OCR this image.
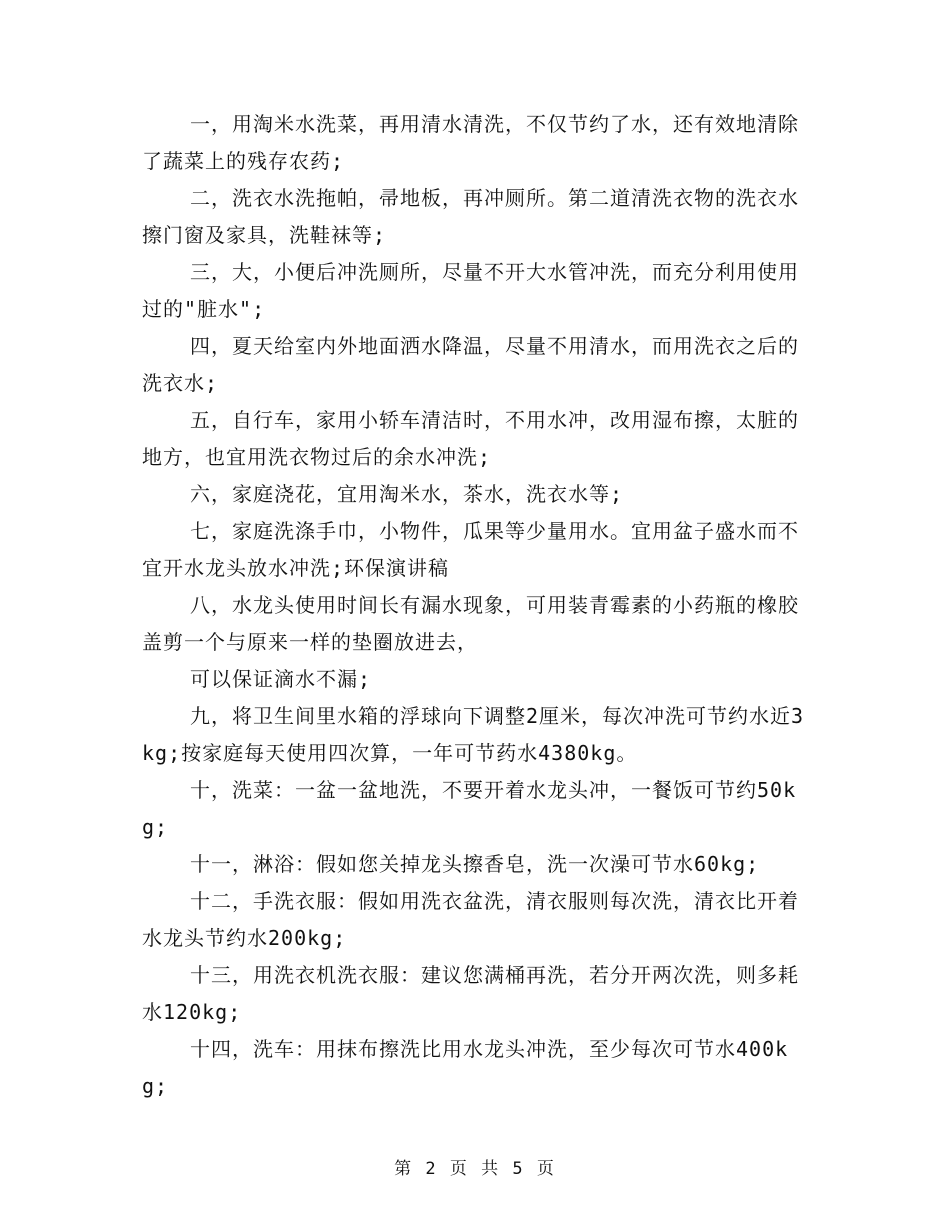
一，用淘米水洗菜，再用清水清洗，不仅节约了水，还有效地清除了蔬菜上的残存农药;

二，洗衣水洗拖帕，帚地板，再冲厕所。第二道清洗衣物的洗衣水擦门窗及家具，洗鞋袜等;

三，大，小便后冲洗厕所，尽量不开大水管冲洗，而充分利用使用过的"脏水";

四，夏天给室内外地面洒水降温，尽量不用清水，而用洗衣之后的洗衣水;

五，自行车，家用小轿车清洁时，不用水冲，改用湿布擦，太脏的地方，也宜用洗衣物过后的余水冲洗;

六，家庭浇花，宜用淘米水，茶水，洗衣水等;

七，家庭洗涤手巾，小物件，瓜果等少量用水。宜用盆子盛水而不宜开水龙头放水冲洗;环保演讲稿

八，水龙头使用时间长有漏水现象，可用装青霉素的小药瓶的橡胶盖剪一个与原来一样的垫圈放进去，

可以保证滴水不漏;

九，将卫生间里水箱的浮球向下调整2厘米，每次冲洗可节约水近3kg;按家庭每天使用四次算，一年可节药水4380kg。

十，洗菜：一盆一盆地洗，不要开着水龙头冲，一餐饭可节约50kg;

十一，淋浴：假如您关掉龙头擦香皂，洗一次澡可节水60kg;

十二，手洗衣服：假如用洗衣盆洗，清衣服则每次洗，清衣比开着水龙头节约水200kg;

十三，用洗衣机洗衣服：建议您满桶再洗，若分开两次洗，则多耗水120kg;

十四，洗车：用抹布擦洗比用水龙头冲洗，至少每次可节水400kg;

第 2 页 共 5 页
